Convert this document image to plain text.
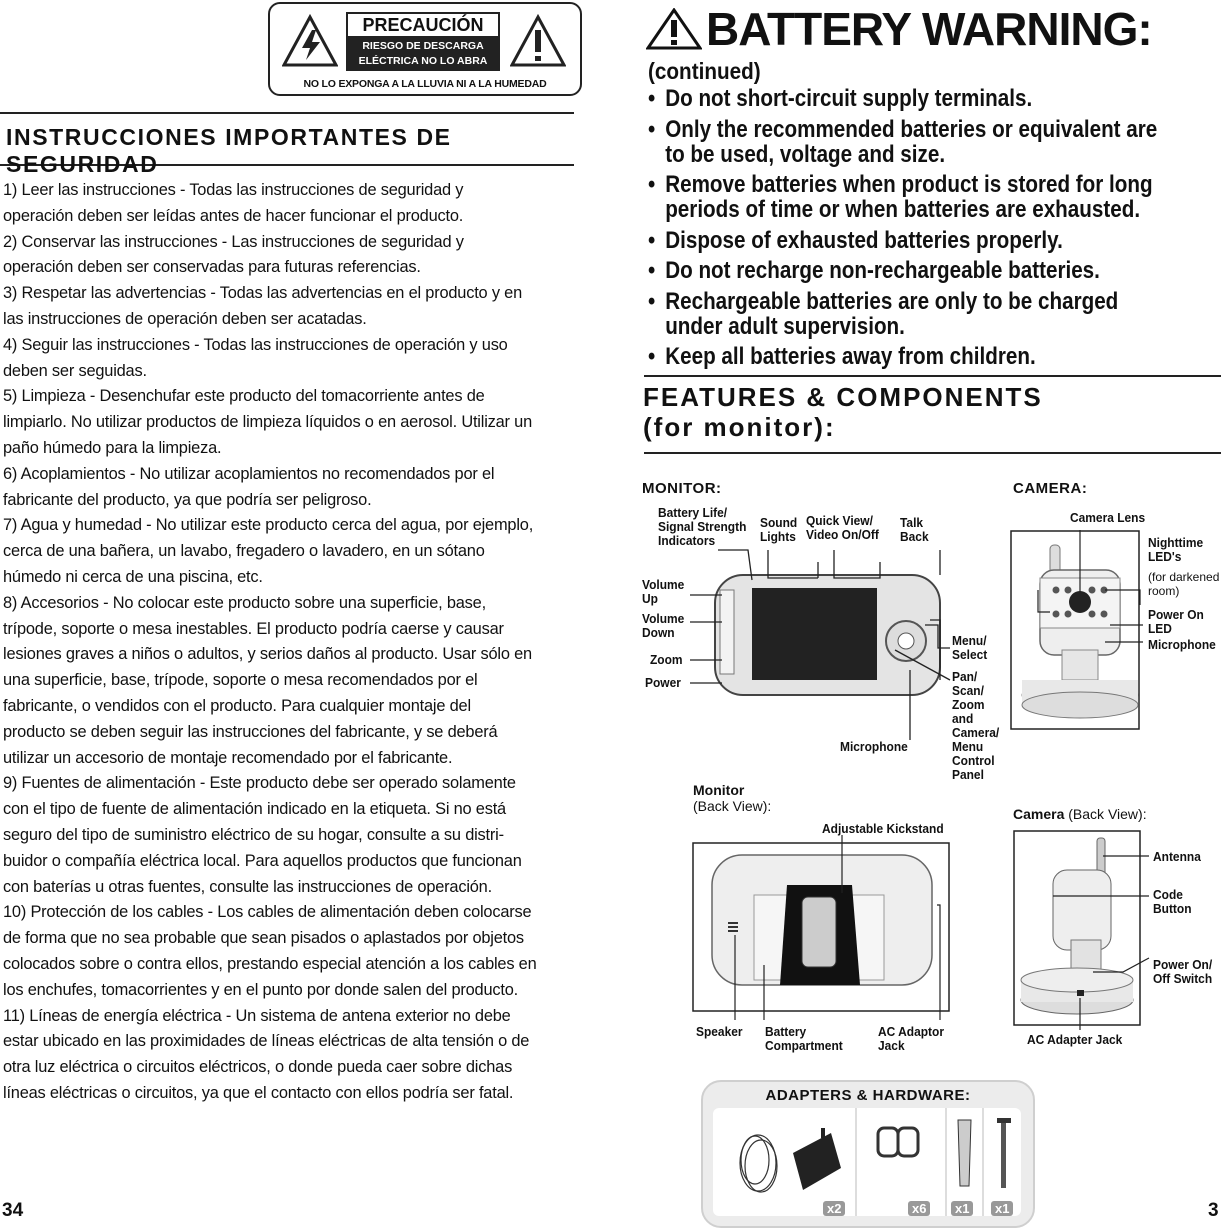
PRECAUCIÓN
RIESGO DE DESCARGA
ELÉCTRICA NO LO ABRA
NO LO EXPONGA A LA LLUVIA NI A LA HUMEDAD
INSTRUCCIONES IMPORTANTES DE SEGURIDAD

1) Leer las instrucciones - Todas las instrucciones de seguridad y

operación deben ser leídas antes de hacer funcionar el producto.

2) Conservar las instrucciones - Las instrucciones de seguridad y

operación deben ser conservadas para futuras referencias.

3) Respetar las advertencias - Todas las advertencias en el producto y en

las instrucciones de operación deben ser acatadas.

4) Seguir las instrucciones - Todas las instrucciones de operación y uso

deben ser seguidas.

5) Limpieza - Desenchufar este producto del tomacorriente antes de

limpiarlo. No utilizar productos de limpieza líquidos o en aerosol. Utilizar un

paño húmedo para la limpieza.

6) Acoplamientos - No utilizar acoplamientos no recomendados por el

fabricante del producto, ya que podría ser peligroso.

7) Agua y humedad - No utilizar este producto cerca del agua, por ejemplo,

cerca de una bañera, un lavabo, fregadero o lavadero, en un sótano

húmedo ni cerca de una piscina, etc.

8) Accesorios - No colocar este producto sobre una superficie, base,

trípode, soporte o mesa inestables. El producto podría caerse y causar

lesiones graves a niños o adultos, y serios daños al producto. Usar sólo en

una superficie, base, trípode, soporte o mesa recomendados por el

fabricante, o vendidos con el producto. Para cualquier montaje del

producto se deben seguir las instrucciones del fabricante, y se deberá

utilizar un accesorio de montaje recomendado por el fabricante.

9) Fuentes de alimentación - Este producto debe ser operado solamente

con el tipo de fuente de alimentación indicado en la etiqueta. Si no está

seguro del tipo de suministro eléctrico de su hogar, consulte a su distri-

buidor o compañía eléctrica local. Para aquellos productos que funcionan

con baterías u otras fuentes, consulte las instrucciones de operación.

10) Protección de los cables - Los cables de alimentación deben colocarse

de forma que no sea probable que sean pisados o aplastados por objetos

colocados sobre o contra ellos, prestando especial atención a los cables en

los enchufes, tomacorrientes y en el punto por donde salen del producto.

11) Líneas de energía eléctrica - Un sistema de antena exterior no debe

estar ubicado en las proximidades de líneas eléctricas de alta tensión o de

otra luz eléctrica o circuitos eléctricos, o donde pueda caer sobre dichas

líneas eléctricas o circuitos, ya que el contacto con ellos podría ser fatal.

34
BATTERY WARNING:
(continued)
• Do not short-circuit supply terminals.
• Only the recommended batteries or equivalent are to be used, voltage and size.
• Remove batteries when product is stored for long periods of time or when batteries are exhausted.
• Dispose of exhausted batteries properly.
• Do not recharge non-rechargeable batteries.
• Rechargeable batteries are only to be charged under adult supervision.
• Keep all batteries away from children.
FEATURES & COMPONENTS
(for monitor):
MONITOR:	CAMERA:
Battery Life/
Signal Strength
Indicators
Sound
Lights
Quick View/
Video On/Off
Talk
Back
Volume
Up
Volume
Down
Zoom
Power
Menu/
Select
Pan/
Scan/
Zoom
and
Camera/
Menu
Control
Panel
Microphone
Camera Lens
Nighttime
LED's
(for darkened
room)
Power On
LED
Microphone
Monitor
(Back View):
Adjustable Kickstand
Speaker Battery
Compartment
AC Adaptor
Jack
Camera (Back View):
Antenna
Code
Button
Power On/
Off Switch
AC Adapter Jack
ADAPTERS & HARDWARE:
x2	x6	x1	x1	3
